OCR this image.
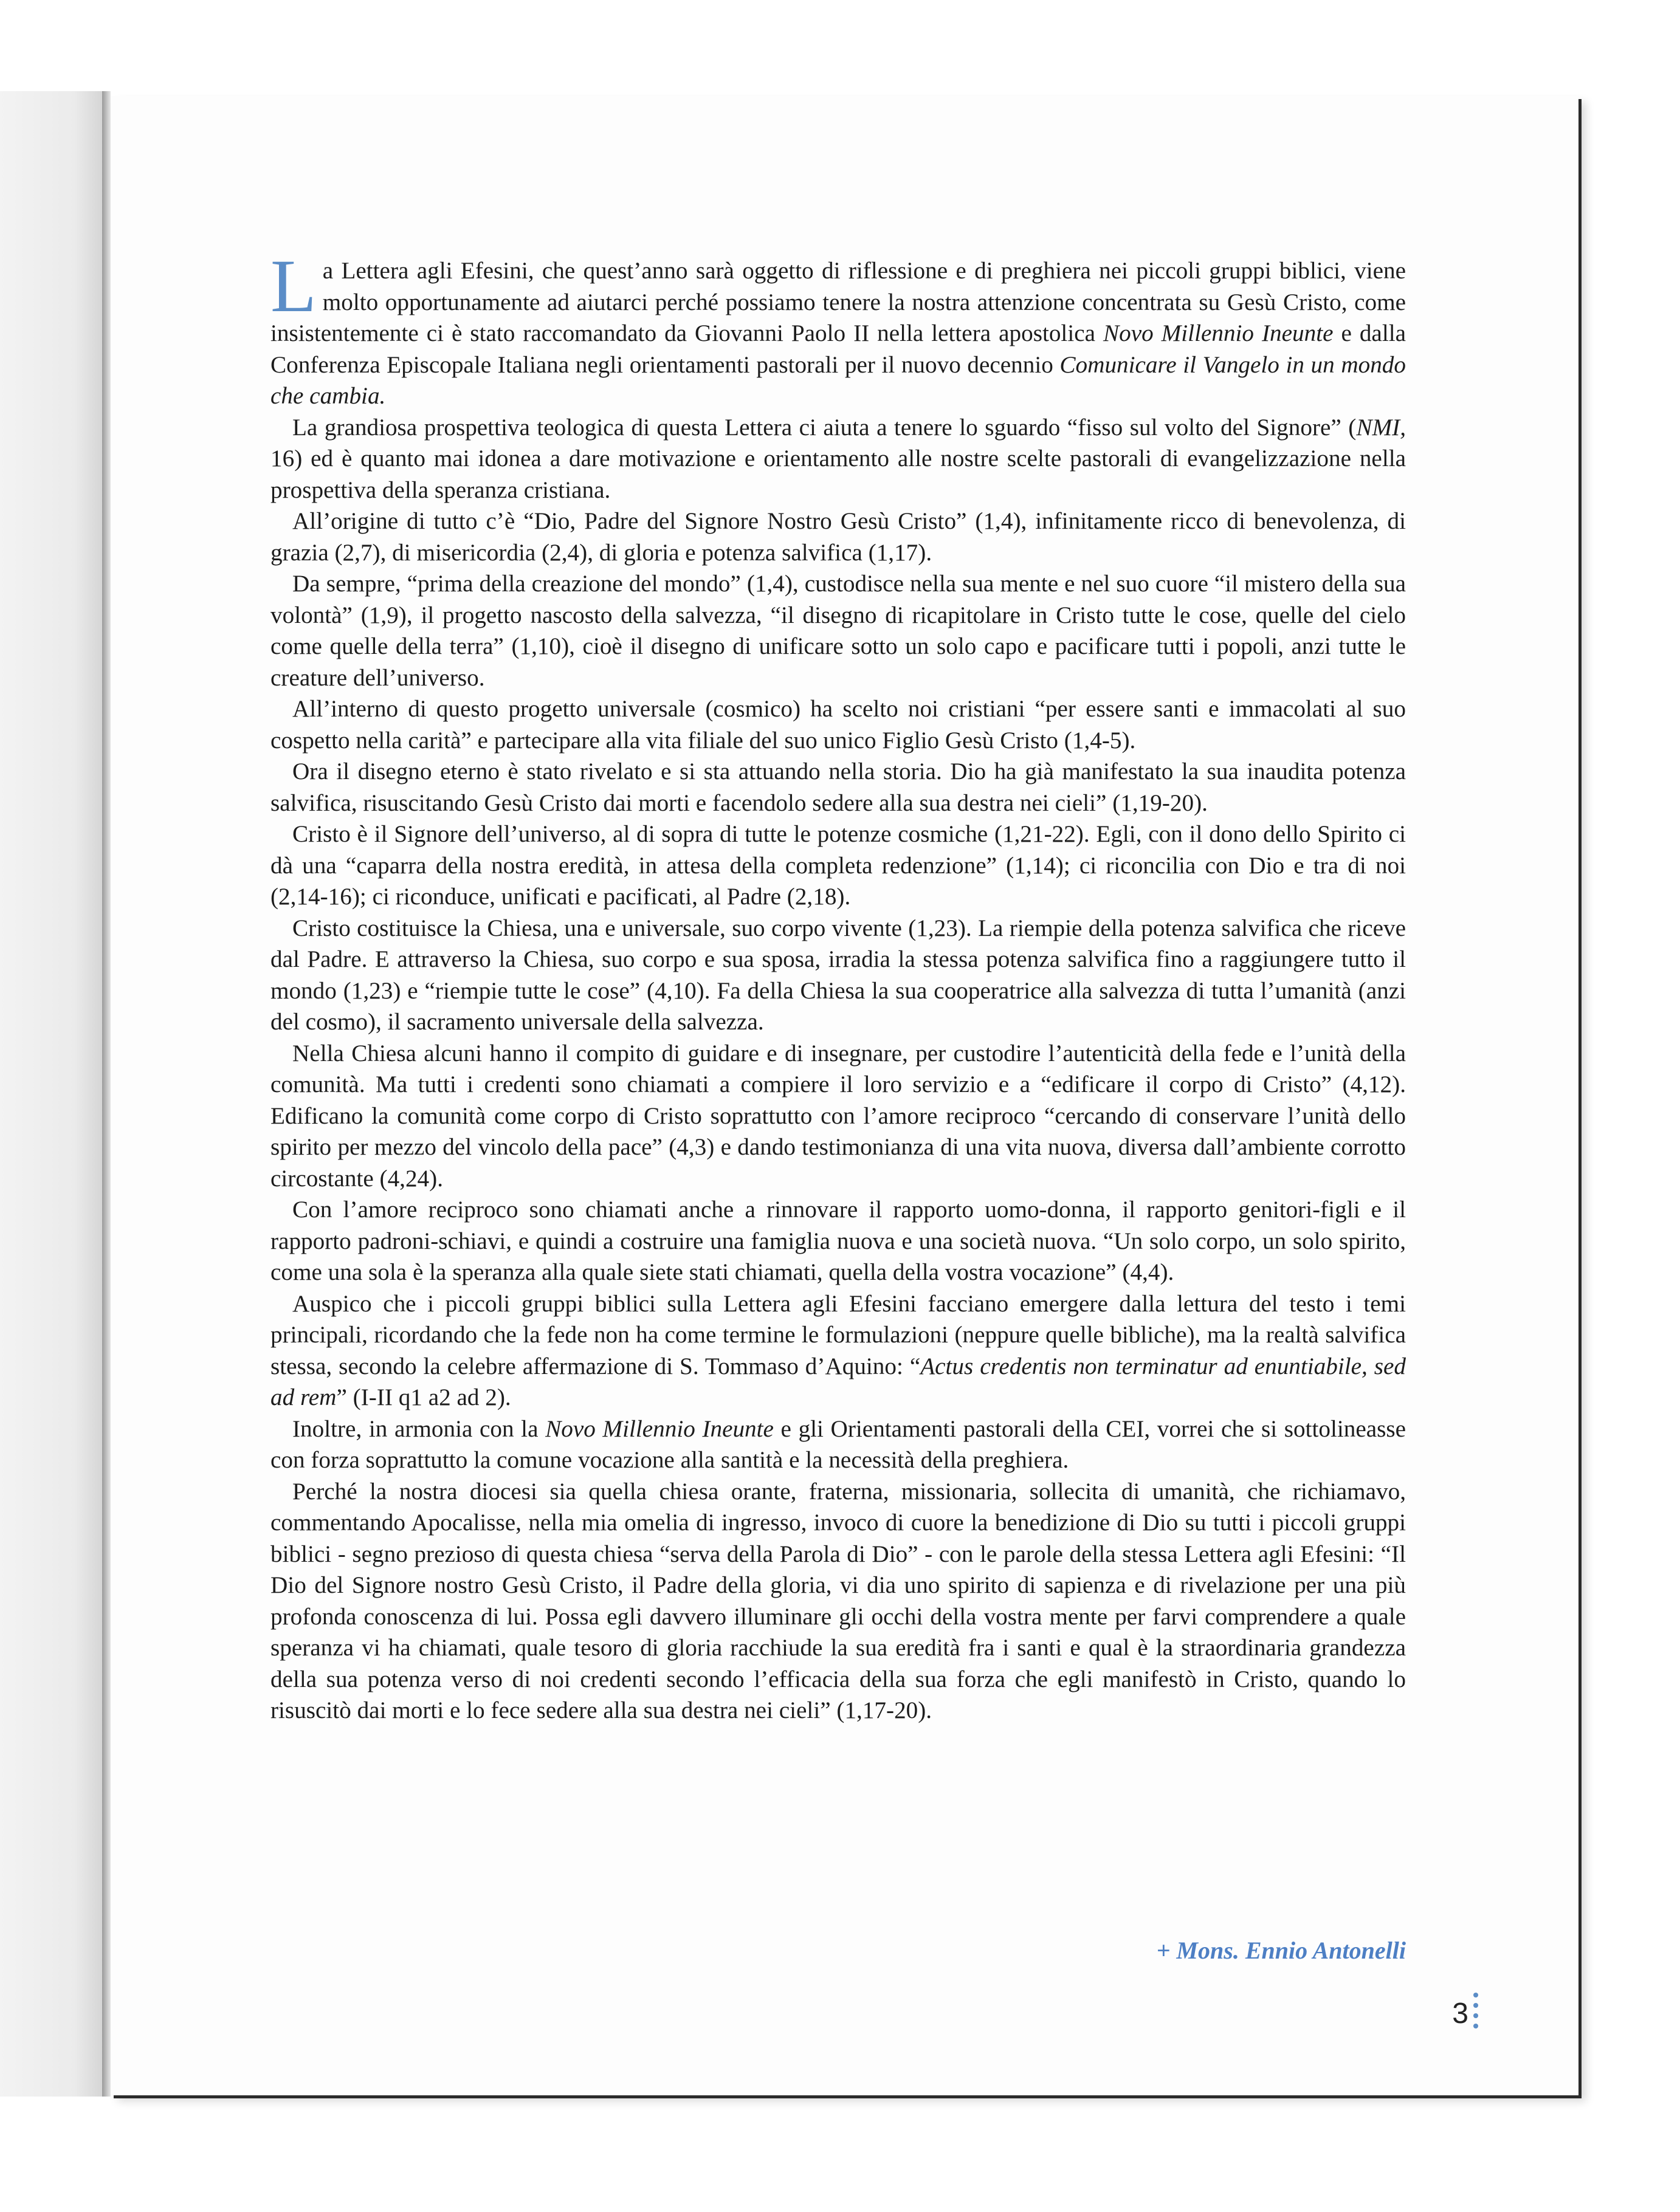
La Lettera agli Efesini, che quest’anno sarà oggetto di riflessione e di preghiera nei piccoli gruppi biblici, viene molto opportunamente ad aiutarci perché possiamo tenere la nostra attenzione concentrata su Gesù Cristo, come insistentemente ci è stato raccomandato da Giovanni Paolo II nella lettera apostolica Novo Millennio Ineunte e dalla Conferenza Episcopale Italiana negli orientamenti pastorali per il nuovo decennio Comunicare il Vangelo in un mondo che cambia.

La grandiosa prospettiva teologica di questa Lettera ci aiuta a tenere lo sguardo “fisso sul volto del Signore” (NMI, 16) ed è quanto mai idonea a dare motivazione e orientamento alle nostre scelte pastorali di evangelizzazione nella prospettiva della speranza cristiana.

All’origine di tutto c’è “Dio, Padre del Signore Nostro Gesù Cristo” (1,4), infinitamente ricco di benevolenza, di grazia (2,7), di misericordia (2,4), di gloria e potenza salvifica (1,17).

Da sempre, “prima della creazione del mondo” (1,4), custodisce nella sua mente e nel suo cuore “il mistero della sua volontà” (1,9), il progetto nascosto della salvezza, “il disegno di ricapitolare in Cristo tutte le cose, quelle del cielo come quelle della terra” (1,10), cioè il disegno di unificare sotto un solo capo e pacificare tutti i popoli, anzi tutte le creature dell’universo.

All’interno di questo progetto universale (cosmico) ha scelto noi cristiani “per essere santi e immacolati al suo cospetto nella carità” e partecipare alla vita filiale del suo unico Figlio Gesù Cristo (1,4-5).

Ora il disegno eterno è stato rivelato e si sta attuando nella storia. Dio ha già manifestato la sua inaudita potenza salvifica, risuscitando Gesù Cristo dai morti e facendolo sedere alla sua destra nei cieli” (1,19-20).

Cristo è il Signore dell’universo, al di sopra di tutte le potenze cosmiche (1,21-22). Egli, con il dono dello Spirito ci dà una “caparra della nostra eredità, in attesa della completa redenzione” (1,14); ci riconcilia con Dio e tra di noi (2,14-16); ci riconduce, unificati e pacificati, al Padre (2,18).

Cristo costituisce la Chiesa, una e universale, suo corpo vivente (1,23). La riempie della potenza salvifica che riceve dal Padre. E attraverso la Chiesa, suo corpo e sua sposa, irradia la stessa potenza salvifica fino a raggiungere tutto il mondo (1,23) e “riempie tutte le cose” (4,10). Fa della Chiesa la sua cooperatrice alla salvezza di tutta l’umanità (anzi del cosmo), il sacramento universale della salvezza.

Nella Chiesa alcuni hanno il compito di guidare e di insegnare, per custodire l’autenticità della fede e l’unità della comunità. Ma tutti i credenti sono chiamati a compiere il loro servizio e a “edificare il corpo di Cristo” (4,12). Edificano la comunità come corpo di Cristo soprattutto con l’amore reciproco “cercando di conservare l’unità dello spirito per mezzo del vincolo della pace” (4,3) e dando testimonianza di una vita nuova, diversa dall’ambiente corrotto circostante (4,24).

Con l’amore reciproco sono chiamati anche a rinnovare il rapporto uomo-donna, il rapporto genitori-figli e il rapporto padroni-schiavi, e quindi a costruire una famiglia nuova e una società nuova. “Un solo corpo, un solo spirito, come una sola è la speranza alla quale siete stati chiamati, quella della vostra vocazione” (4,4).

Auspico che i piccoli gruppi biblici sulla Lettera agli Efesini facciano emergere dalla lettura del testo i temi principali, ricordando che la fede non ha come termine le formulazioni (neppure quelle bibliche), ma la realtà salvifica stessa, secondo la celebre affermazione di S. Tommaso d’Aquino: “Actus credentis non terminatur ad enuntiabile, sed ad rem” (I-II q1 a2 ad 2).

Inoltre, in armonia con la Novo Millennio Ineunte e gli Orientamenti pastorali della CEI, vorrei che si sottolineasse con forza soprattutto la comune vocazione alla santità e la necessità della preghiera.

Perché la nostra diocesi sia quella chiesa orante, fraterna, missionaria, sollecita di umanità, che richiamavo, commentando Apocalisse, nella mia omelia di ingresso, invoco di cuore la benedizione di Dio su tutti i piccoli gruppi biblici - segno prezioso di questa chiesa “serva della Parola di Dio” - con le parole della stessa Lettera agli Efesini: “Il Dio del Signore nostro Gesù Cristo, il Padre della gloria, vi dia uno spirito di sapienza e di rivelazione per una più profonda conoscenza di lui. Possa egli davvero illuminare gli occhi della vostra mente per farvi comprendere a quale speranza vi ha chiamati, quale tesoro di gloria racchiude la sua eredità fra i santi e qual è la straordinaria grandezza della sua potenza verso di noi credenti secondo l’efficacia della sua forza che egli manifestò in Cristo, quando lo risuscitò dai morti e lo fece sedere alla sua destra nei cieli” (1,17-20).

+ Mons. Ennio Antonelli
3
